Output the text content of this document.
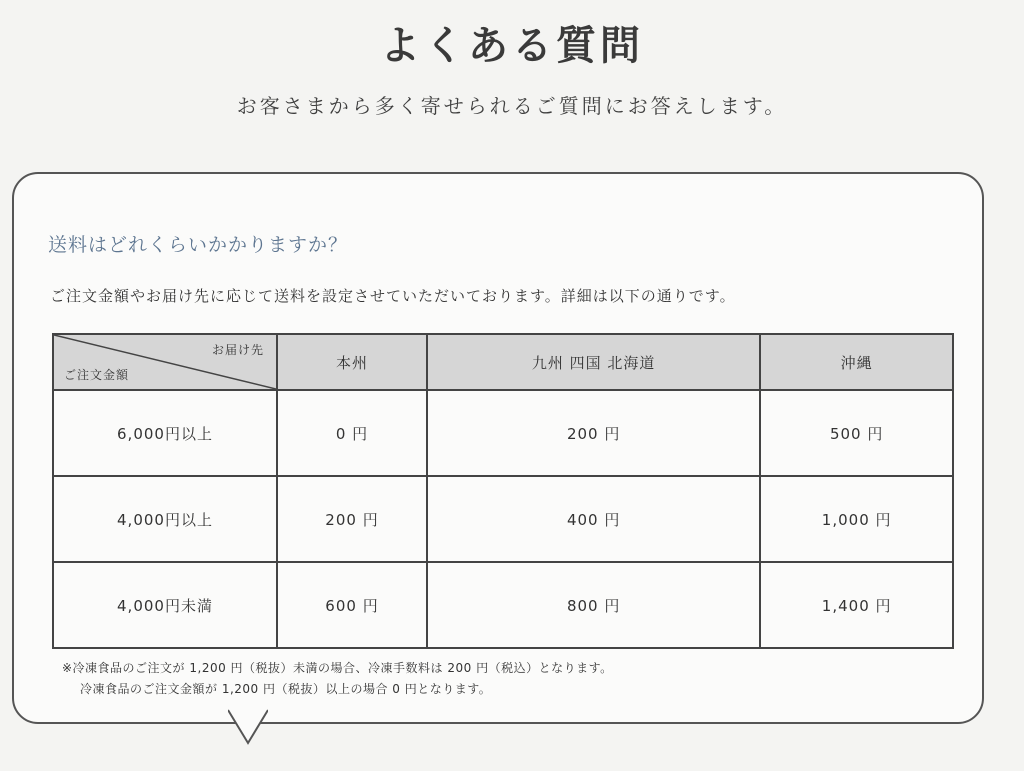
よくある質問
お客さまから多く寄せられるご質問にお答えします。
送料はどれくらいかかりますか？
ご注文金額やお届け先に応じて送料を設定させていただいております。詳細は以下の通りです。
お届け先
ご注文金額	本州	九州 四国 北海道	沖縄
6,000円以上	0 円	200 円	500 円
4,000円以上	200 円	400 円	1,000 円
4,000円未満	600 円	800 円	1,400 円
※冷凍食品のご注文が 1,200 円（税抜）未満の場合、冷凍手数料は 200 円（税込）となります。
冷凍食品のご注文金額が 1,200 円（税抜）以上の場合 0 円となります。
